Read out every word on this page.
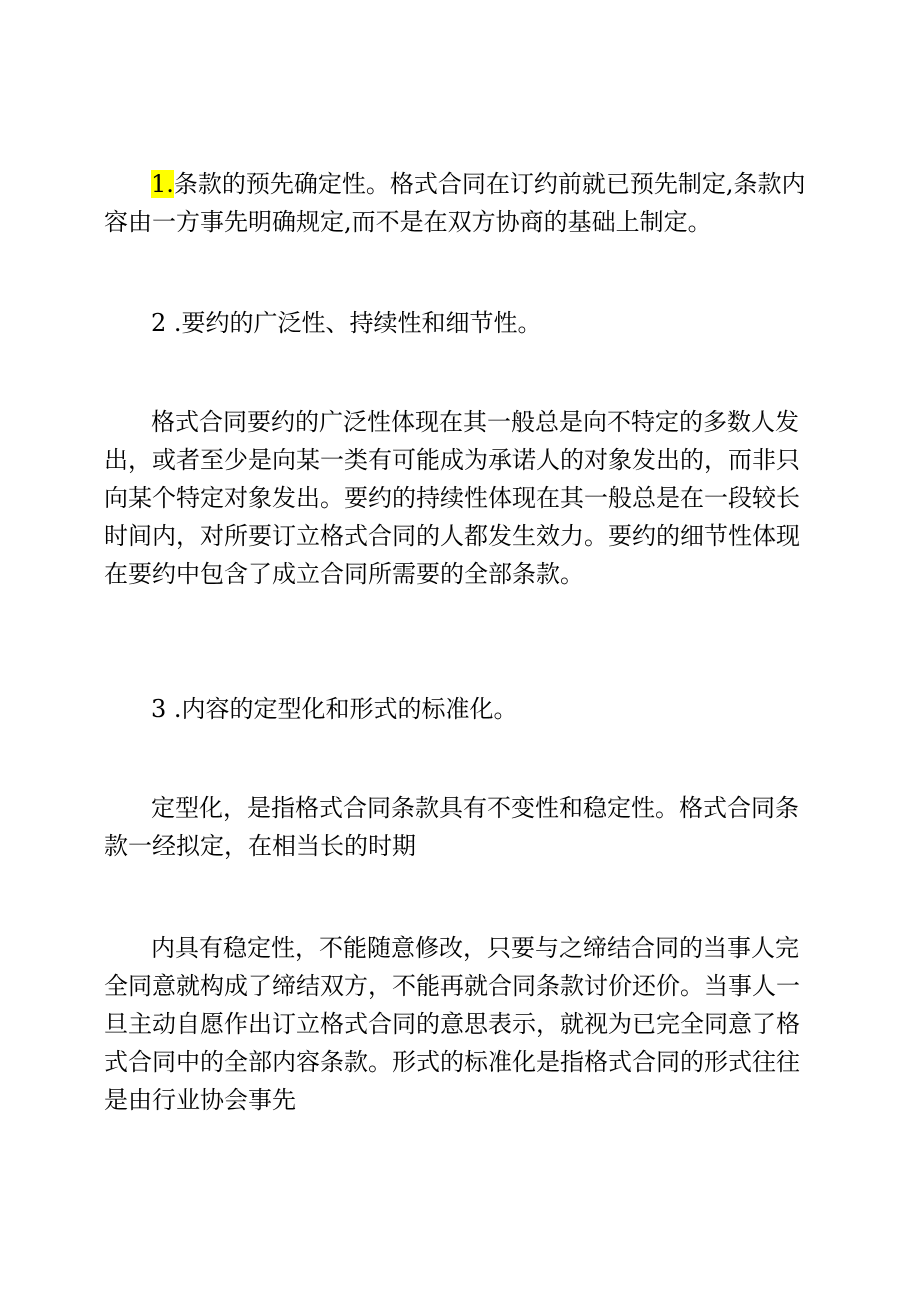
1.条款的预先确定性。格式合同在订约前就已预先制定,条款内容由一方事先明确规定,而不是在双方协商的基础上制定。

2 .要约的广泛性、持续性和细节性。

格式合同要约的广泛性体现在其一般总是向不特定的多数人发出，或者至少是向某一类有可能成为承诺人的对象发出的，而非只向某个特定对象发出。要约的持续性体现在其一般总是在一段较长时间内，对所要订立格式合同的人都发生效力。要约的细节性体现在要约中包含了成立合同所需要的全部条款。

3 .内容的定型化和形式的标准化。

定型化，是指格式合同条款具有不变性和稳定性。格式合同条款一经拟定，在相当长的时期

内具有稳定性，不能随意修改，只要与之缔结合同的当事人完全同意就构成了缔结双方，不能再就合同条款讨价还价。当事人一旦主动自愿作出订立格式合同的意思表示，就视为已完全同意了格式合同中的全部内容条款。形式的标准化是指格式合同的形式往往是由行业协会事先
